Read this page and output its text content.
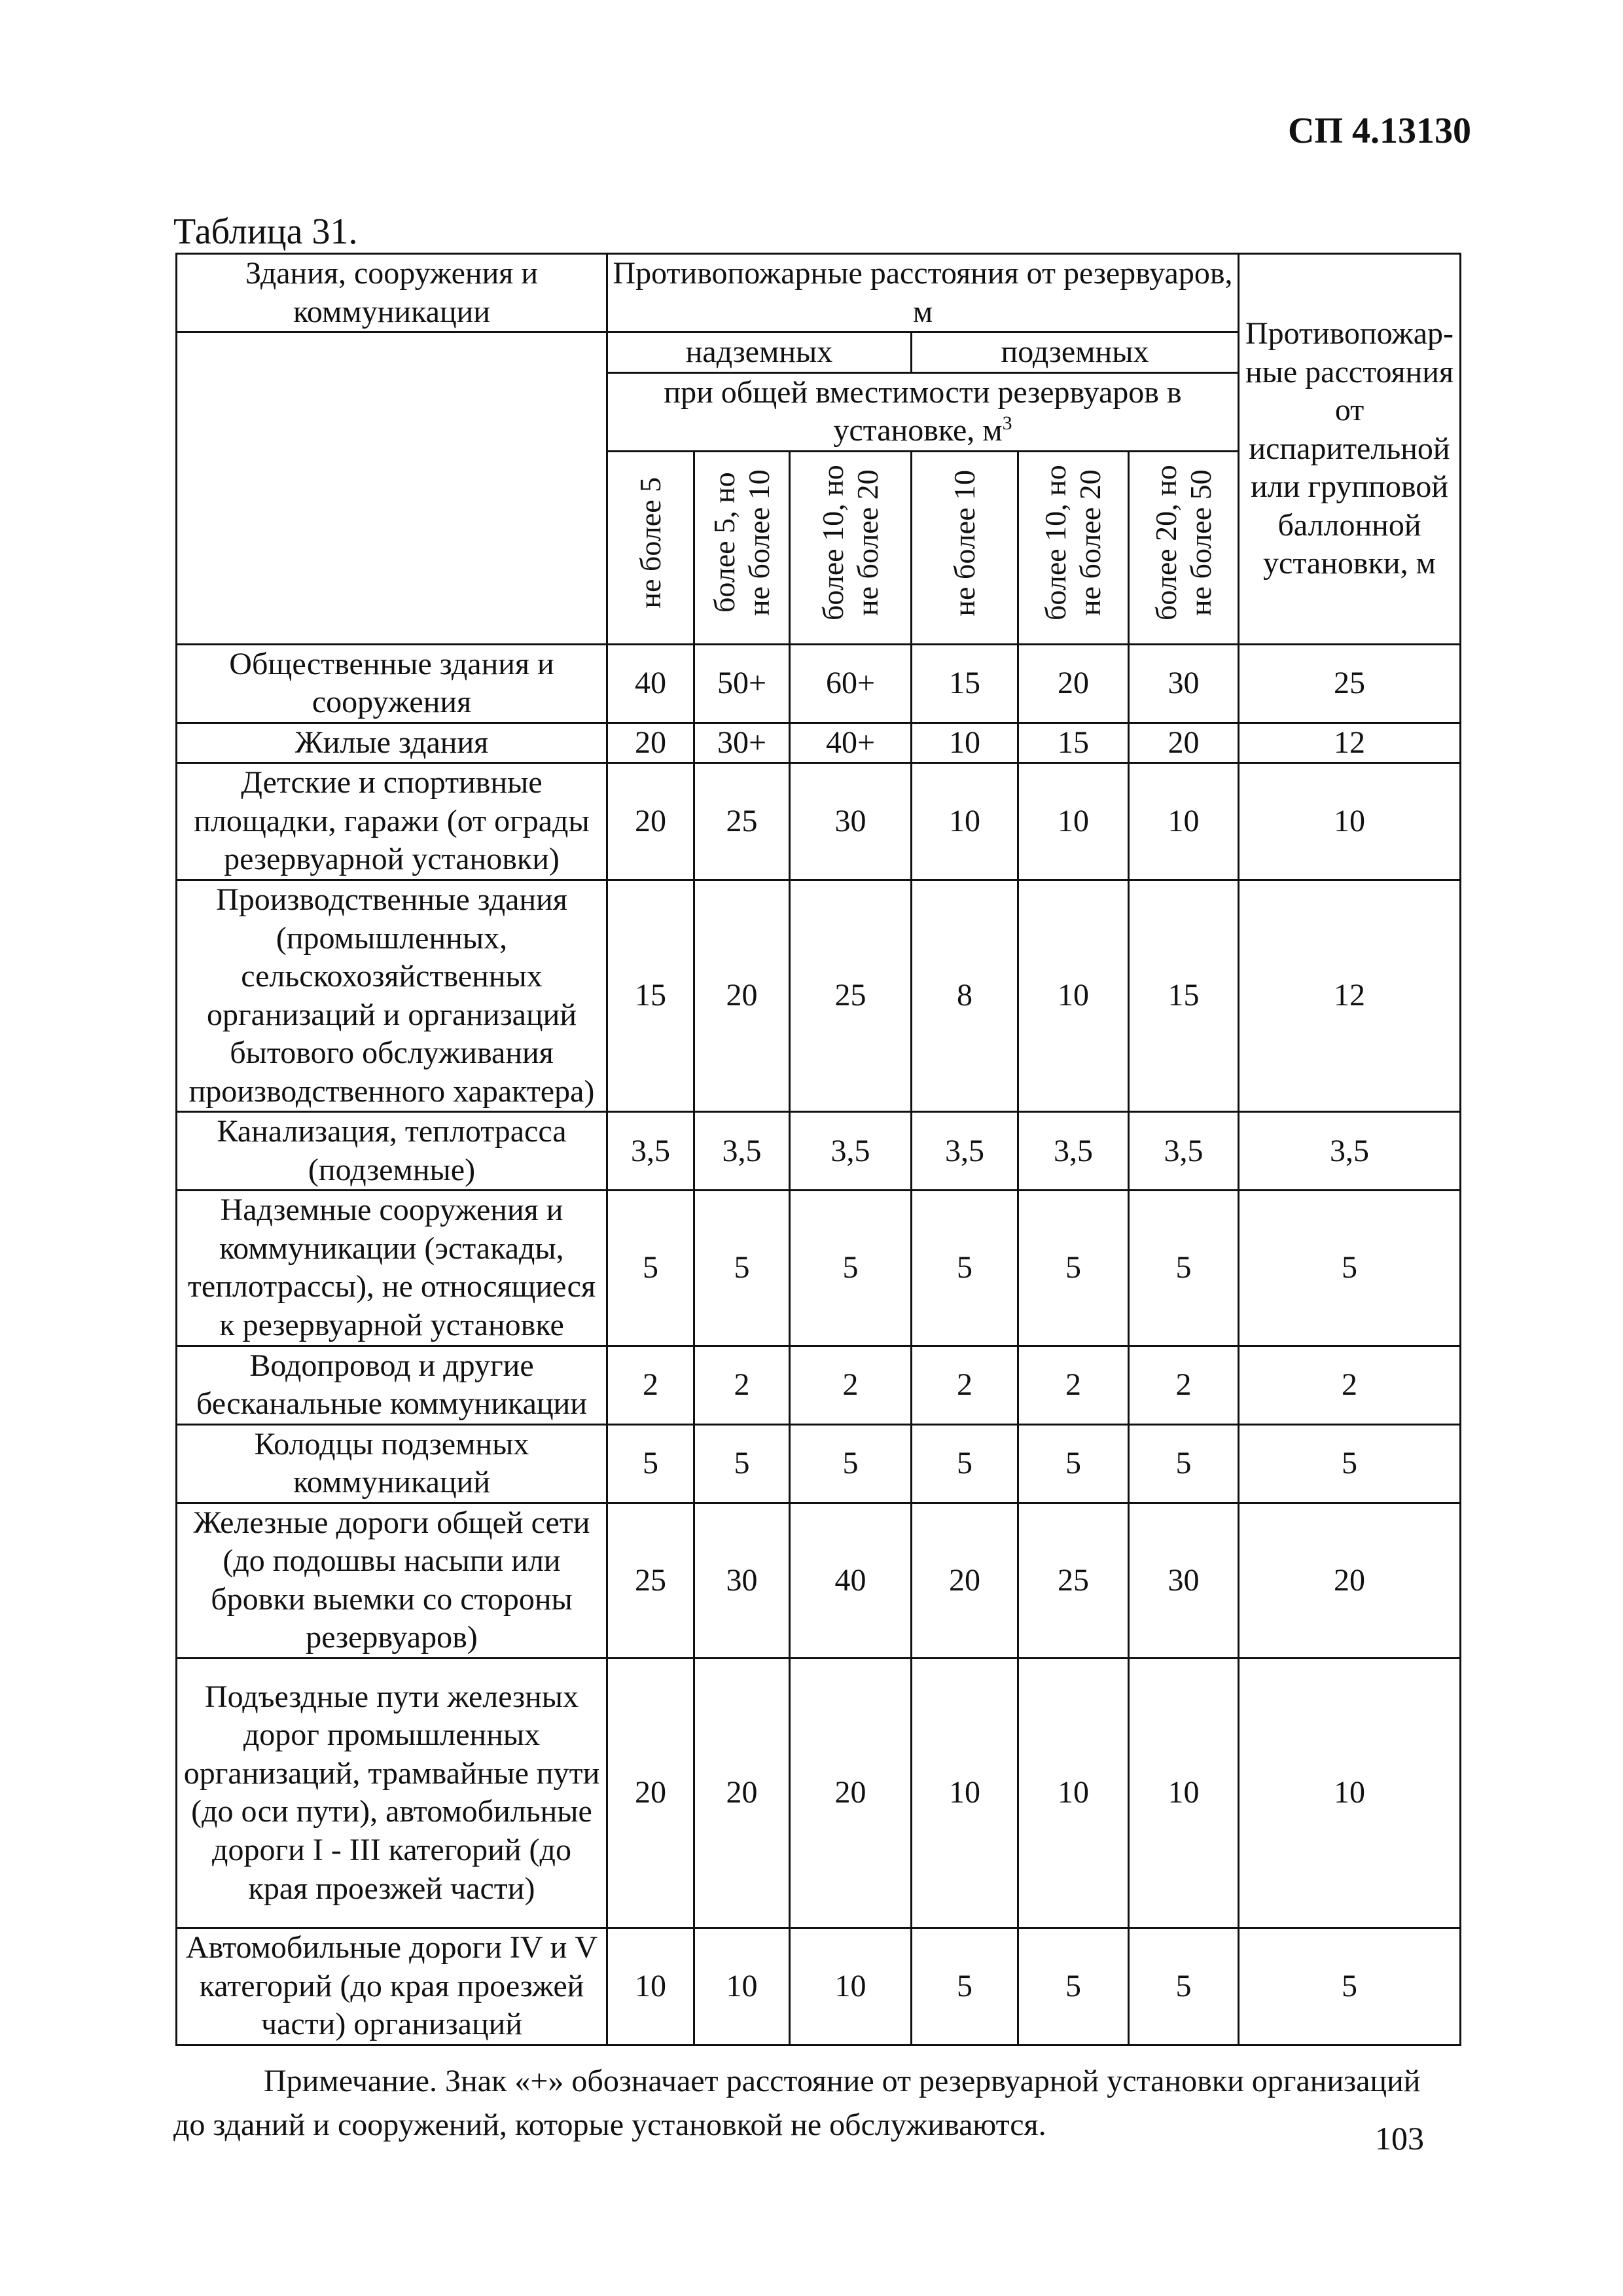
СП 4.13130
Таблица 31.
Здания, сооружения и коммуникации	Противопожарные расстояния от резервуаров, м						Противопожар-ные расстояния от испарительной или групповой баллонной установки, м
	надземных			подземных			
	при общей вместимости резервуаров в установке, $м^3$
	не более 5	более 5, но не более 10	более 10, но не более 20	не более 10	более 10, но не более 20	более 20, но не более 50	
Общественные здания и сооружения	40	50+	60+	15	20	30	25
Жилые здания	20	30+	40+	10	15	20	12
Детские и спортивные площадки, гаражи (от ограды резервуарной установки)	20	25	30	10	10	10	10
Производственные здания (промышленных, сельскохозяйственных организаций и организаций бытового обслуживания производственного характера)	15	20	25	8	10	15	12
Канализация, теплотрасса (подземные)	3,5	3,5	3,5	3,5	3,5	3,5	3,5
Надземные сооружения и коммуникации (эстакады, теплотрассы), не относящиеся к резервуарной установке	5	5	5	5	5	5	5
Водопровод и другие бесканальные коммуникации	2	2	2	2	2	2	2
Колодцы подземных коммуникаций	5	5	5	5	5	5	5
Железные дороги общей сети (до подошвы насыпи или бровки выемки со стороны резервуаров)	25	30	40	20	25	30	20
Подъездные пути железных дорог промышленных организаций, трамвайные пути (до оси пути), автомобильные дороги I - III категорий (до края проезжей части)	20	20	20	10	10	10	10
Автомобильные дороги IV и V категорий (до края проезжей части) организаций	10	10	10	5	5	5	5

Примечание. Знак «+» обозначает расстояние от резервуарной установки организаций

до зданий и сооружений, которые установкой не обслуживаются.	103
